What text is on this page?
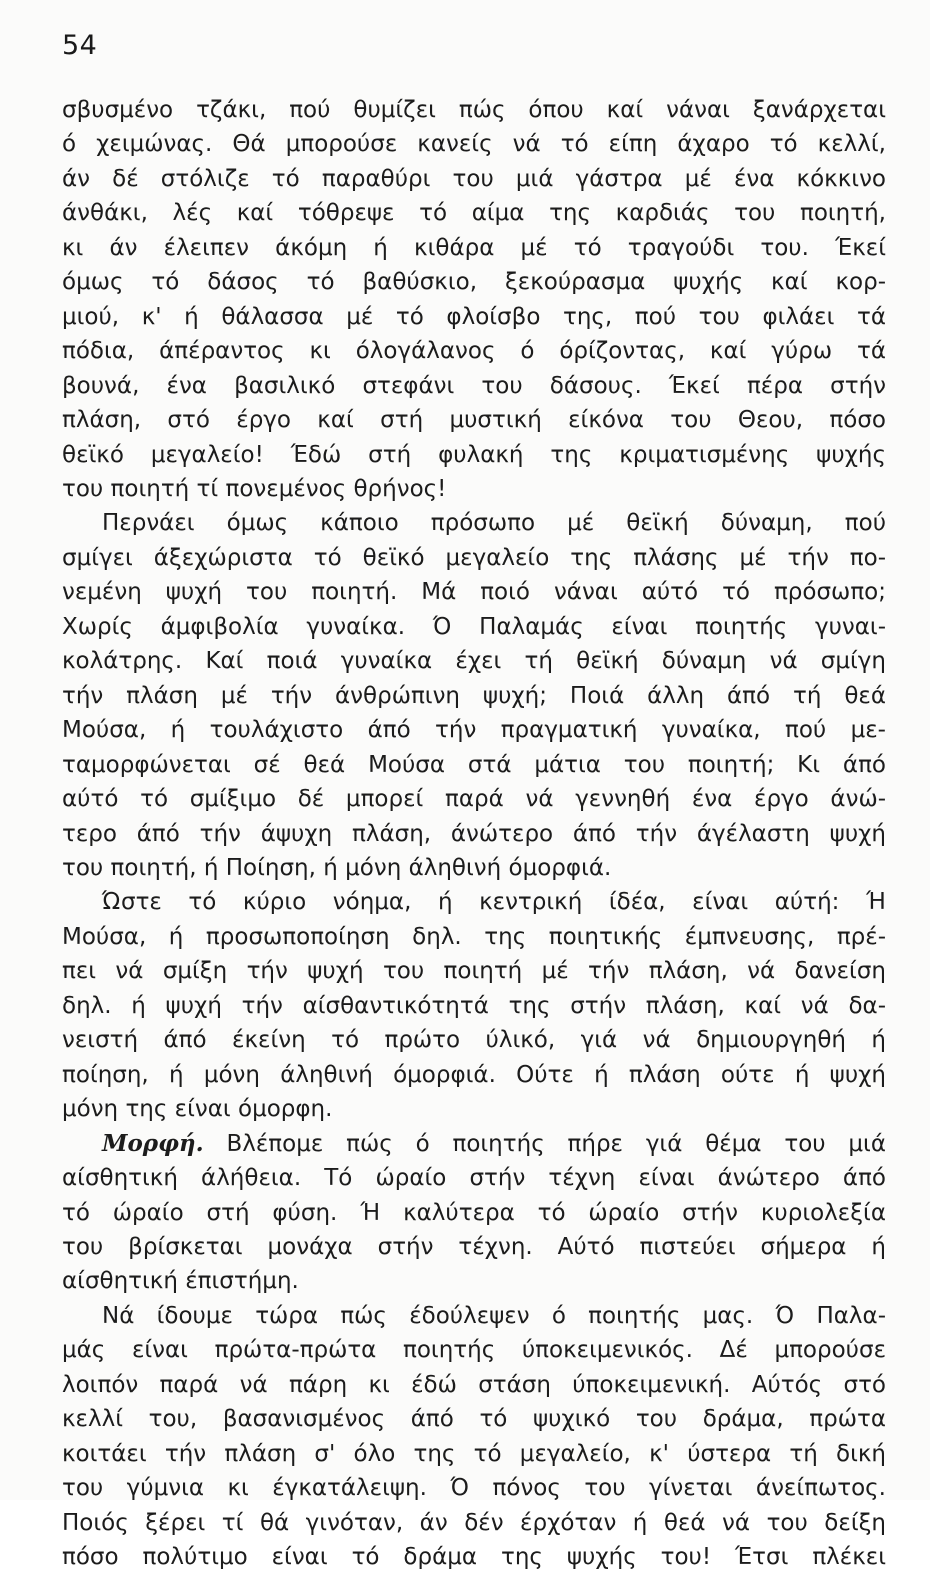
54
σβυσμένο τζάκι, πού θυμίζει πώς όπου καί νάναι ξανάρχεται
ό χειμώνας. Θά μπορούσε κανείς νά τό είπη άχαρο τό κελλί,
άν δέ στόλιζε τό παραθύρι του μιά γάστρα μέ ένα κόκκινο
άνθάκι, λές καί τόθρεψε τό αίμα της καρδιάς του ποιητή,
κι άν έλειπεν άκόμη ή κιθάρα μέ τό τραγούδι του. Έκεί
όμως τό δάσος τό βαθύσκιο, ξεκούρασμα ψυχής καί κορ-
μιού, κ' ή θάλασσα μέ τό φλοίσβο της, πού του φιλάει τά
πόδια, άπέραντος κι όλογάλανος ό όρίζοντας, καί γύρω τά
βουνά, ένα βασιλικό στεφάνι του δάσους. Έκεί πέρα στήν
πλάση, στό έργο καί στή μυστική είκόνα του Θεου, πόσο
θεϊκό μεγαλείο! Έδώ στή φυλακή της κριματισμένης ψυχής
του ποιητή τί πονεμένος θρήνος!
Περνάει όμως κάποιο πρόσωπο μέ θεϊκή δύναμη, πού
σμίγει άξεχώριστα τό θεϊκό μεγαλείο της πλάσης μέ τήν πο-
νεμένη ψυχή του ποιητή. Μά ποιό νάναι αύτό τό πρόσωπο;
Χωρίς άμφιβολία γυναίκα. Ό Παλαμάς είναι ποιητής γυναι-
κολάτρης. Καί ποιά γυναίκα έχει τή θεϊκή δύναμη νά σμίγη
τήν πλάση μέ τήν άνθρώπινη ψυχή; Ποιά άλλη άπό τή θεά
Μούσα, ή τουλάχιστο άπό τήν πραγματική γυναίκα, πού με-
ταμορφώνεται σέ θεά Μούσα στά μάτια του ποιητή; Κι άπό
αύτό τό σμίξιμο δέ μπορεί παρά νά γεννηθή ένα έργο άνώ-
τερο άπό τήν άψυχη πλάση, άνώτερο άπό τήν άγέλαστη ψυχή
του ποιητή, ή Ποίηση, ή μόνη άληθινή όμορφιά.
Ώστε τό κύριο νόημα, ή κεντρική ίδέα, είναι αύτή: Ή
Μούσα, ή προσωποποίηση δηλ. της ποιητικής έμπνευσης, πρέ-
πει νά σμίξη τήν ψυχή του ποιητή μέ τήν πλάση, νά δανείση
δηλ. ή ψυχή τήν αίσθαντικότητά της στήν πλάση, καί νά δα-
νειστή άπό έκείνη τό πρώτο ύλικό, γιά νά δημιουργηθή ή
ποίηση, ή μόνη άληθινή όμορφιά. Ούτε ή πλάση ούτε ή ψυχή
μόνη της είναι όμορφη.
Μορφή. Βλέπομε πώς ό ποιητής πήρε γιά θέμα του μιά
αίσθητική άλήθεια. Τό ώραίο στήν τέχνη είναι άνώτερο άπό
τό ώραίο στή φύση. Ή καλύτερα τό ώραίο στήν κυριολεξία
του βρίσκεται μονάχα στήν τέχνη. Αύτό πιστεύει σήμερα ή
αίσθητική έπιστήμη.
Νά ίδουμε τώρα πώς έδούλεψεν ό ποιητής μας. Ό Παλα-
μάς είναι πρώτα-πρώτα ποιητής ύποκειμενικός. Δέ μπορούσε
λοιπόν παρά νά πάρη κι έδώ στάση ύποκειμενική. Αύτός στό
κελλί του, βασανισμένος άπό τό ψυχικό του δράμα, πρώτα
κοιτάει τήν πλάση σ' όλο της τό μεγαλείο, κ' ύστερα τή δική
του γύμνια κι έγκατάλειψη. Ό πόνος του γίνεται άνείπωτος.
Ποιός ξέρει τί θά γινόταν, άν δέν έρχόταν ή θεά νά του δείξη
πόσο πολύτιμο είναι τό δράμα της ψυχής του! Έτσι πλέκει
